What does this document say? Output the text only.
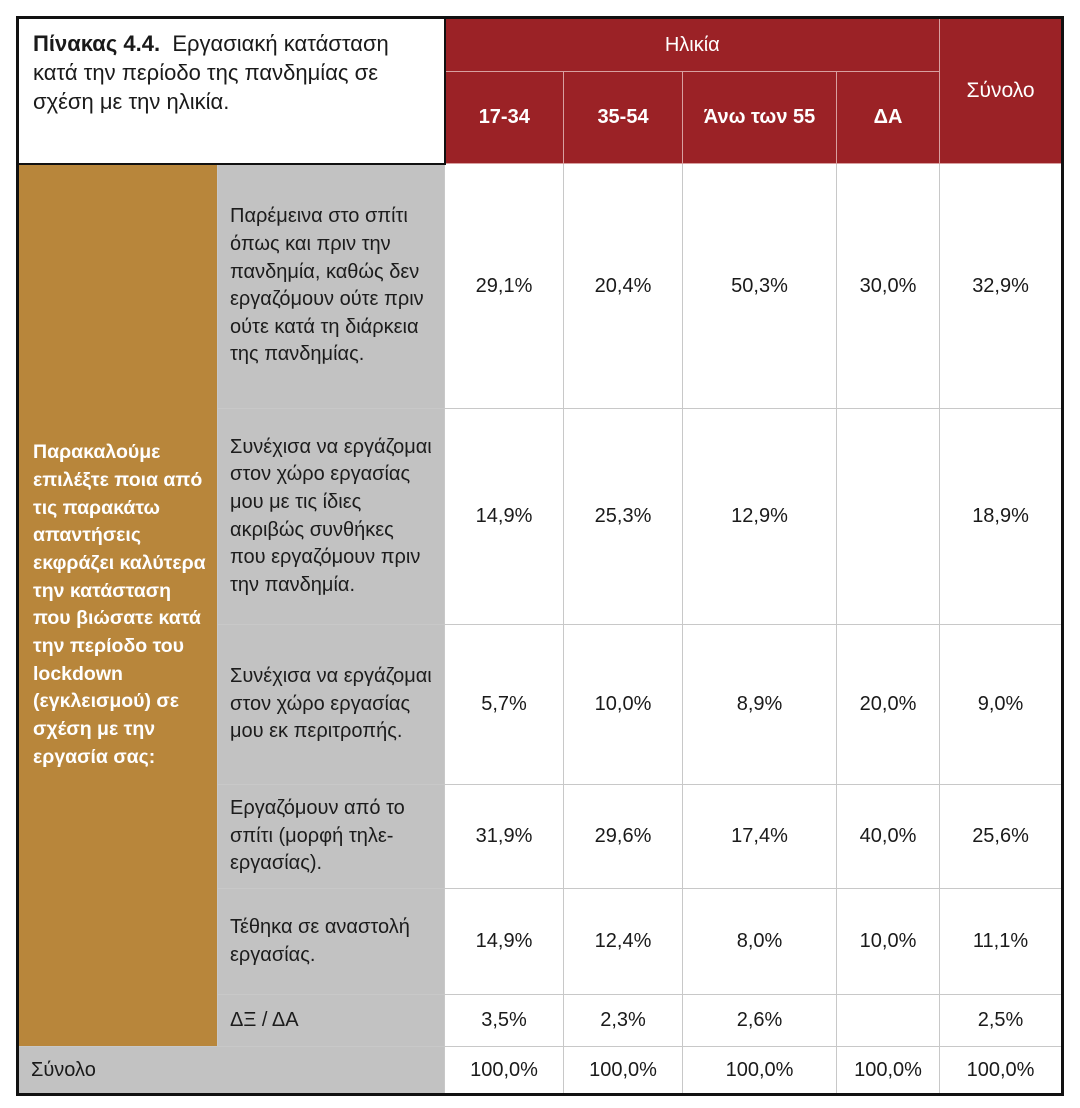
Πίνακας 4.4. Εργασιακή κατάσταση κατά την περίοδο της πανδημίας σε σχέση με την ηλικία.		Ηλικία				Σύνολο
		17-34	35-54	Άνω των 55	ΔΑ	
Παρακαλούμε επιλέξτε ποια από τις παρακάτω απαντήσεις εκφράζει καλύτερα την κατάσταση που βιώσατε κατά την περίοδο του lockdown (εγκλεισμού) σε σχέση με την εργασία σας:	Παρέμεινα στο σπίτι όπως και πριν την πανδημία, καθώς δεν εργαζόμουν ούτε πριν ούτε κατά τη διάρκεια της πανδημίας.	29,1%	20,4%	50,3%	30,0%	32,9%
	Συνέχισα να εργάζομαι στον χώρο εργασίας μου με τις ίδιες ακριβώς συνθήκες που εργαζόμουν πριν την πανδημία.	14,9%	25,3%	12,9%		18,9%
	Συνέχισα να εργάζομαι στον χώρο εργασίας μου εκ περιτροπής.	5,7%	10,0%	8,9%	20,0%	9,0%
	Εργαζόμουν από το σπίτι (μορφή τηλε-εργασίας).	31,9%	29,6%	17,4%	40,0%	25,6%
	Τέθηκα σε αναστολή εργασίας.	14,9%	12,4%	8,0%	10,0%	11,1%
	ΔΞ / ΔΑ	3,5%	2,3%	2,6%		2,5%
Σύνολο		100,0%	100,0%	100,0%	100,0%	100,0%
